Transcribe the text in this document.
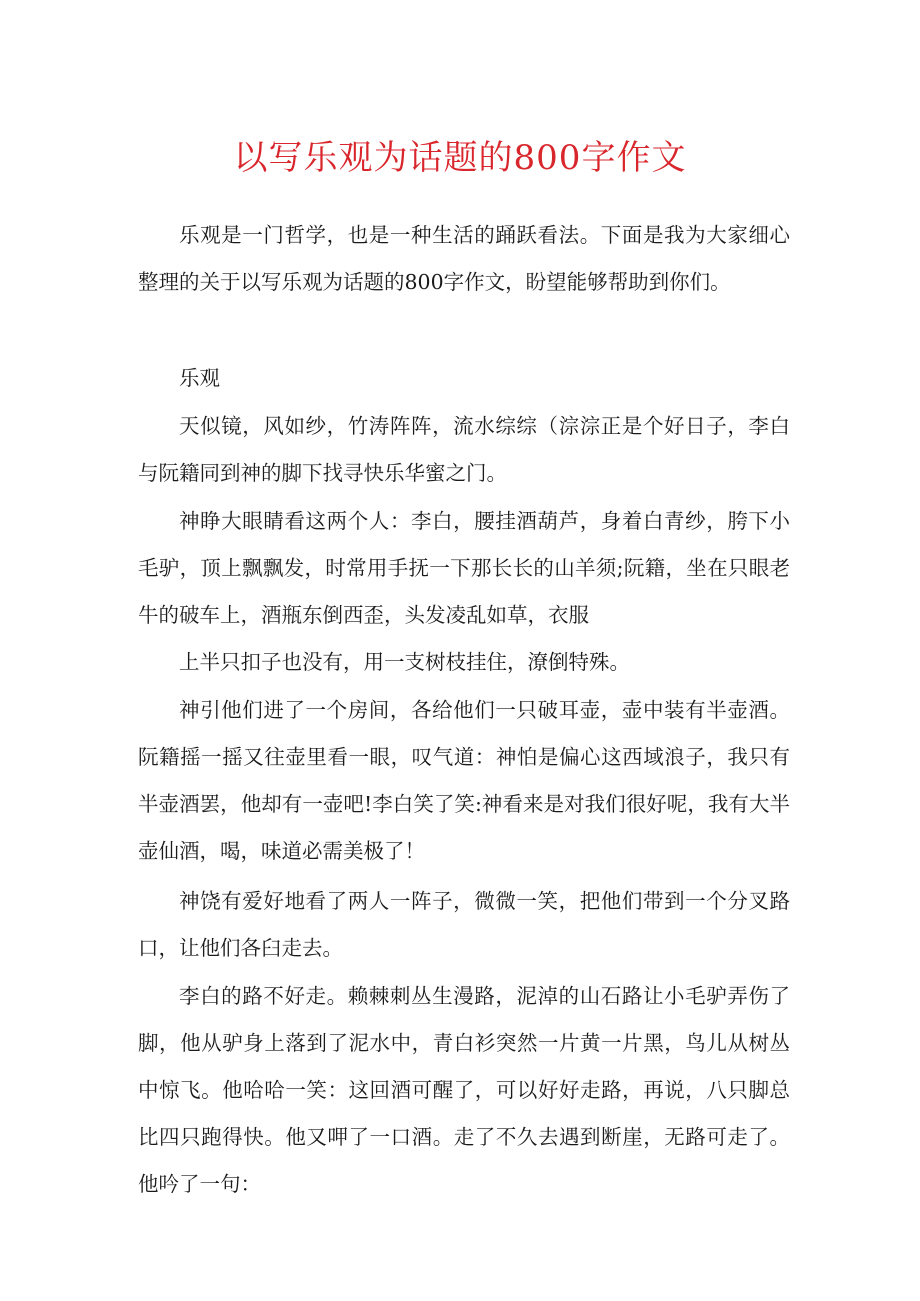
以写乐观为话题的800字作文

乐观是一门哲学，也是一种生活的踊跃看法。下面是我为大家细心整理的关于以写乐观为话题的800字作文，盼望能够帮助到你们。

乐观

天似镜，风如纱，竹涛阵阵，流水综综（淙淙正是个好日子，李白与阮籍同到神的脚下找寻快乐华蜜之门。

神睁大眼睛看这两个人：李白，腰挂酒葫芦，身着白青纱，胯下小毛驴，顶上飘飘发，时常用手抚一下那长长的山羊须;阮籍，坐在只眼老牛的破车上，酒瓶东倒西歪，头发凌乱如草，衣服

上半只扣子也没有，用一支树枝挂住，潦倒特殊。

神引他们进了一个房间，各给他们一只破耳壶，壶中装有半壶酒。阮籍摇一摇又往壶里看一眼，叹气道：神怕是偏心这西域浪子，我只有半壶酒罢，他却有一壶吧!李白笑了笑:神看来是对我们很好呢，我有大半壶仙酒，喝，味道必需美极了！

神饶有爱好地看了两人一阵子，微微一笑，把他们带到一个分叉路口，让他们各臼走去。

李白的路不好走。赖棘刺丛生漫路，泥淖的山石路让小毛驴弄伤了脚，他从驴身上落到了泥水中，青白衫突然一片黄一片黑，鸟儿从树丛中惊飞。他哈哈一笑：这回酒可醒了，可以好好走路，再说，八只脚总比四只跑得快。他又呷了一口酒。走了不久去遇到断崖，无路可走了。他吟了一句：
